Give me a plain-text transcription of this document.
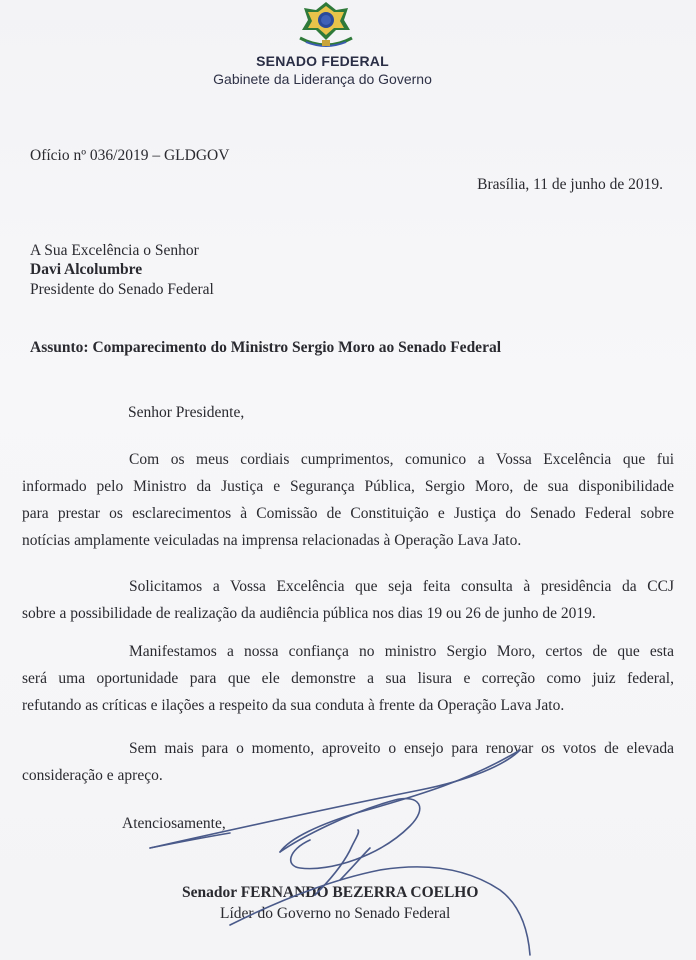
SENADO FEDERAL
Gabinete da Liderança do Governo
Ofício nº 036/2019 – GLDGOV
Brasília, 11 de junho de 2019.
A Sua Excelência o Senhor
Davi Alcolumbre
Presidente do Senado Federal
Assunto: Comparecimento do Ministro Sergio Moro ao Senado Federal
Senhor Presidente,
Com os meus cordiais cumprimentos, comunico a Vossa Excelência que fui
informado pelo Ministro da Justiça e Segurança Pública, Sergio Moro, de sua disponibilidade
para prestar os esclarecimentos à Comissão de Constituição e Justiça do Senado Federal sobre
notícias amplamente veiculadas na imprensa relacionadas à Operação Lava Jato.
Solicitamos a Vossa Excelência que seja feita consulta à presidência da CCJ
sobre a possibilidade de realização da audiência pública nos dias 19 ou 26 de junho de 2019.
Manifestamos a nossa confiança no ministro Sergio Moro, certos de que esta
será uma oportunidade para que ele demonstre a sua lisura e correção como juiz federal,
refutando as críticas e ilações a respeito da sua conduta à frente da Operação Lava Jato.
Sem mais para o momento, aproveito o ensejo para renovar os votos de elevada
consideração e apreço.
Atenciosamente,
Senador FERNANDO BEZERRA COELHO
Líder do Governo no Senado Federal
